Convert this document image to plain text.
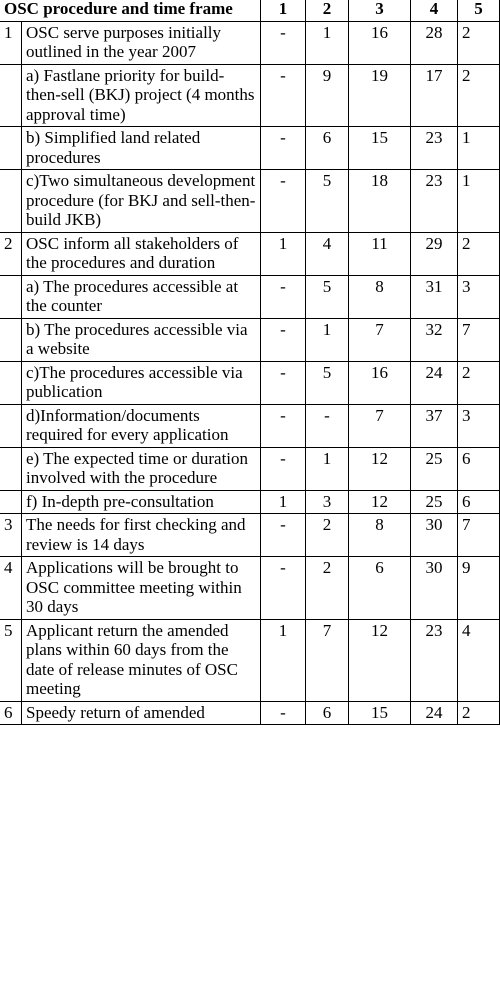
OSC procedure and time frame		1	2	3	4	5
1	OSC serve purposes initially outlined in the year 2007	-	1	16	28	2
	a) Fastlane priority for build-then-sell (BKJ) project (4 months approval time)	-	9	19	17	2
	b) Simplified land related procedures	-	6	15	23	1
	c)Two simultaneous development procedure (for BKJ and sell-then-build JKB)	-	5	18	23	1
2	OSC inform all stakeholders of the procedures and duration	1	4	11	29	2
	a) The procedures accessible at the counter	-	5	8	31	3
	b) The procedures accessible via a website	-	1	7	32	7
	c)The procedures accessible via publication	-	5	16	24	2
	d)Information/documents required for every application	-	-	7	37	3
	e) The expected time or duration involved with the procedure	-	1	12	25	6
	f) In-depth pre-consultation	1	3	12	25	6
3	The needs for first checking and review is 14 days	-	2	8	30	7
4	Applications will be brought to OSC committee meeting within 30 days	-	2	6	30	9
5	Applicant return the amended plans within 60 days from the date of release minutes of OSC meeting	1	7	12	23	4
6	Speedy return of amended	-	6	15	24	2
